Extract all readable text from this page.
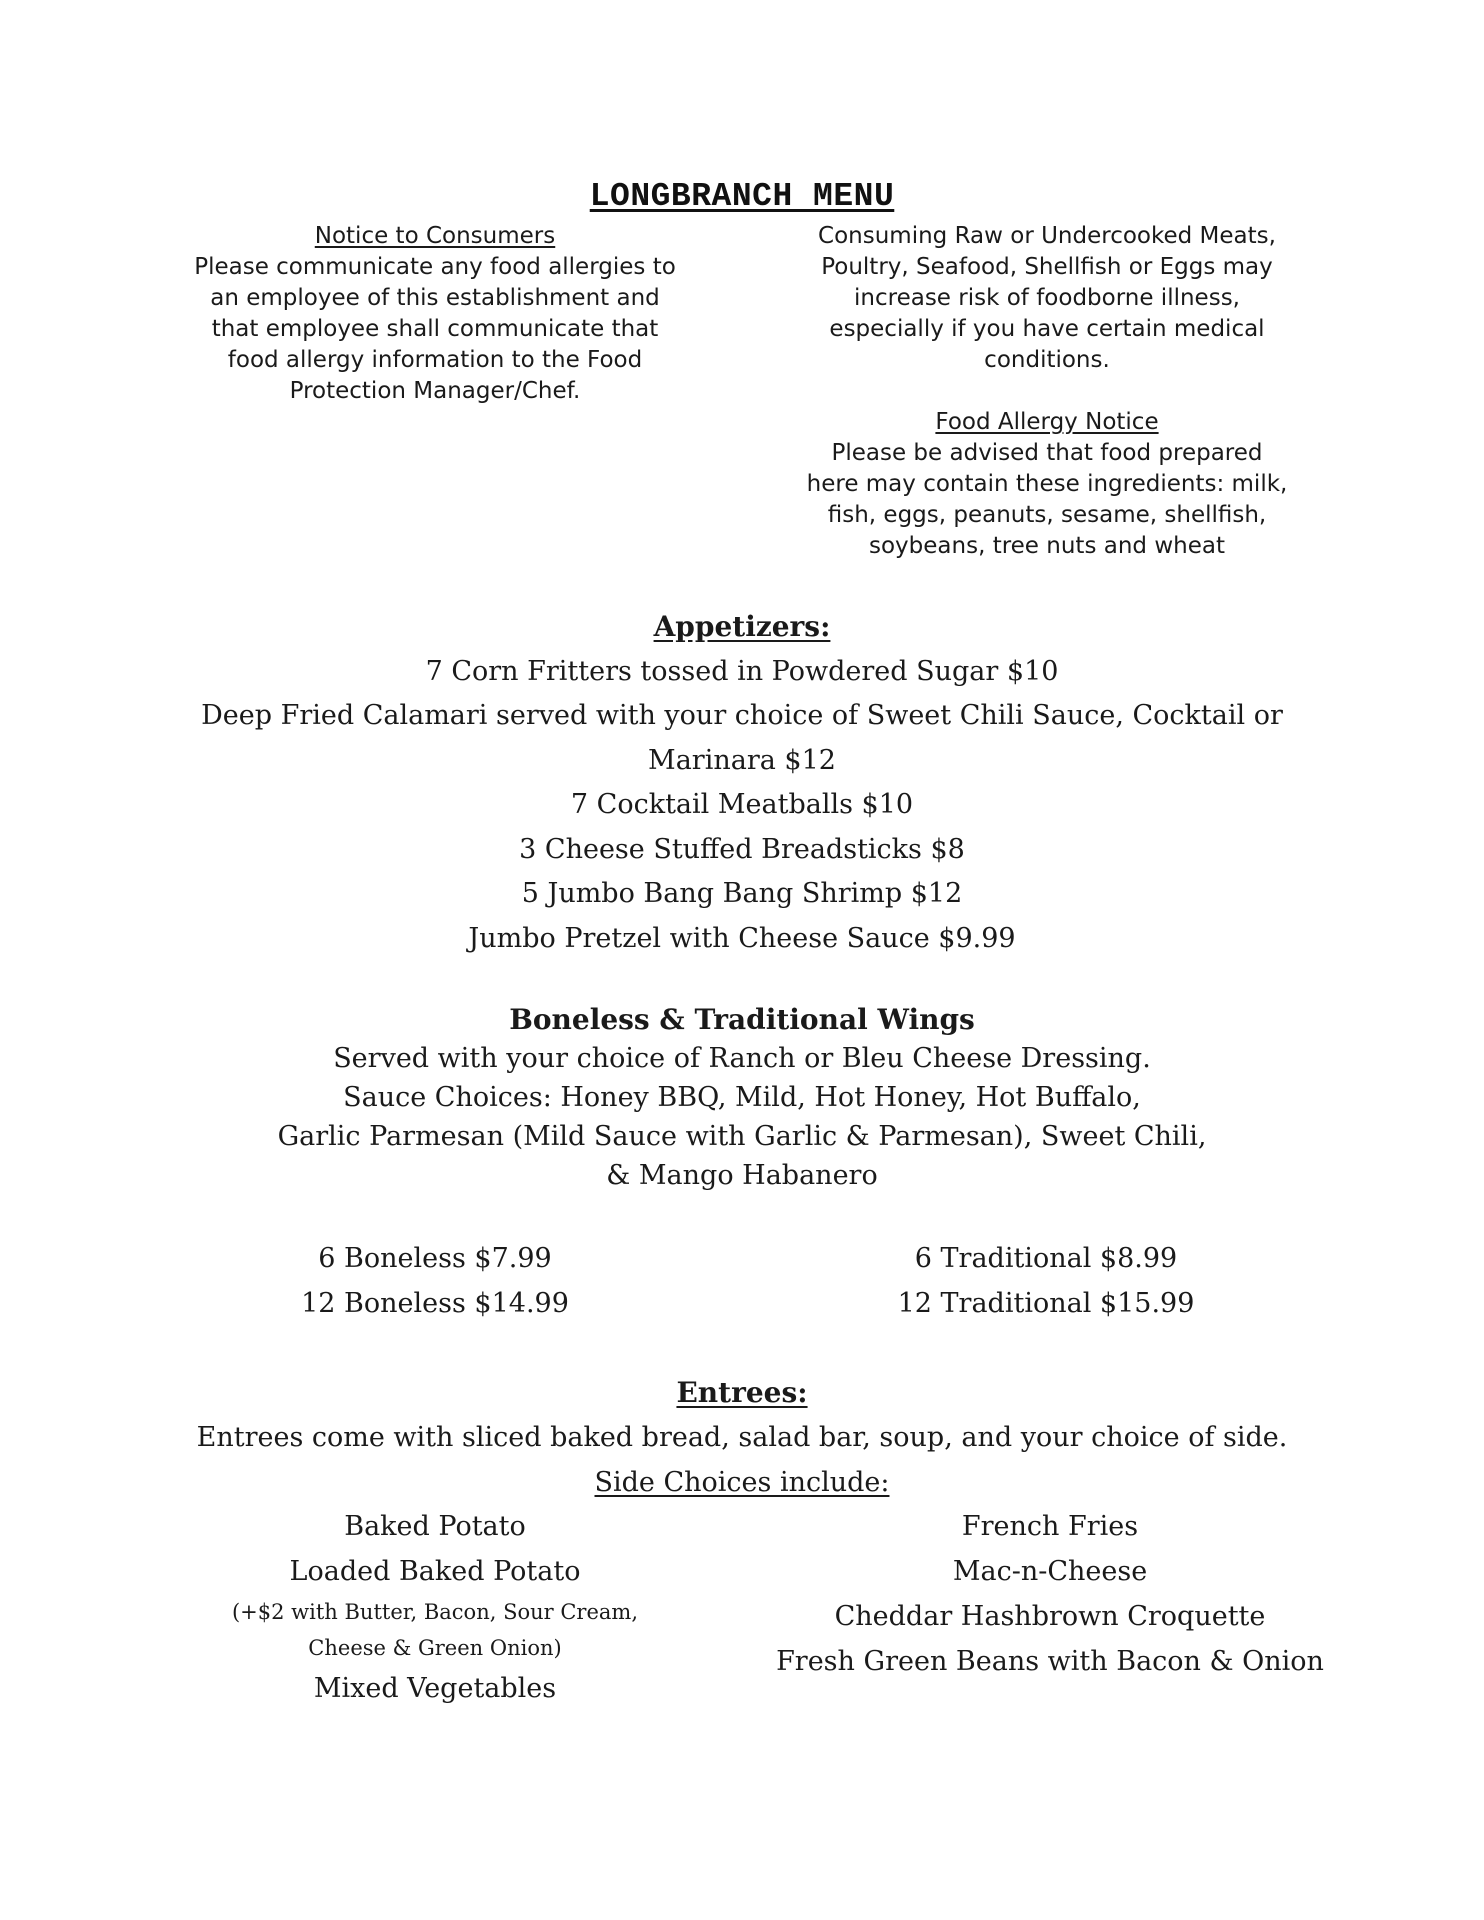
LONGBRANCH MENU
Notice to Consumers
Please communicate any food allergies to
an employee of this establishment and
that employee shall communicate that
food allergy information to the Food
Protection Manager/Chef.
Consuming Raw or Undercooked Meats,
Poultry, Seafood, Shellfish or Eggs may
increase risk of foodborne illness,
especially if you have certain medical
conditions.
Food Allergy Notice
Please be advised that food prepared
here may contain these ingredients: milk,
fish, eggs, peanuts, sesame, shellfish,
soybeans, tree nuts and wheat
Appetizers:
7 Corn Fritters tossed in Powdered Sugar $10
Deep Fried Calamari served with your choice of Sweet Chili Sauce, Cocktail or
Marinara $12
7 Cocktail Meatballs $10
3 Cheese Stuffed Breadsticks $8
5 Jumbo Bang Bang Shrimp $12
Jumbo Pretzel with Cheese Sauce $9.99
Boneless & Traditional Wings
Served with your choice of Ranch or Bleu Cheese Dressing.
Sauce Choices: Honey BBQ, Mild, Hot Honey, Hot Buffalo,
Garlic Parmesan (Mild Sauce with Garlic & Parmesan), Sweet Chili,
& Mango Habanero
6 Boneless $7.99
12 Boneless $14.99
6 Traditional $8.99
12 Traditional $15.99
Entrees:
Entrees come with sliced baked bread, salad bar, soup, and your choice of side.
Side Choices include:
Baked Potato
Loaded Baked Potato
(+$2 with Butter, Bacon, Sour Cream,
Cheese & Green Onion)
Mixed Vegetables
French Fries
Mac-n-Cheese
Cheddar Hashbrown Croquette
Fresh Green Beans with Bacon & Onion
